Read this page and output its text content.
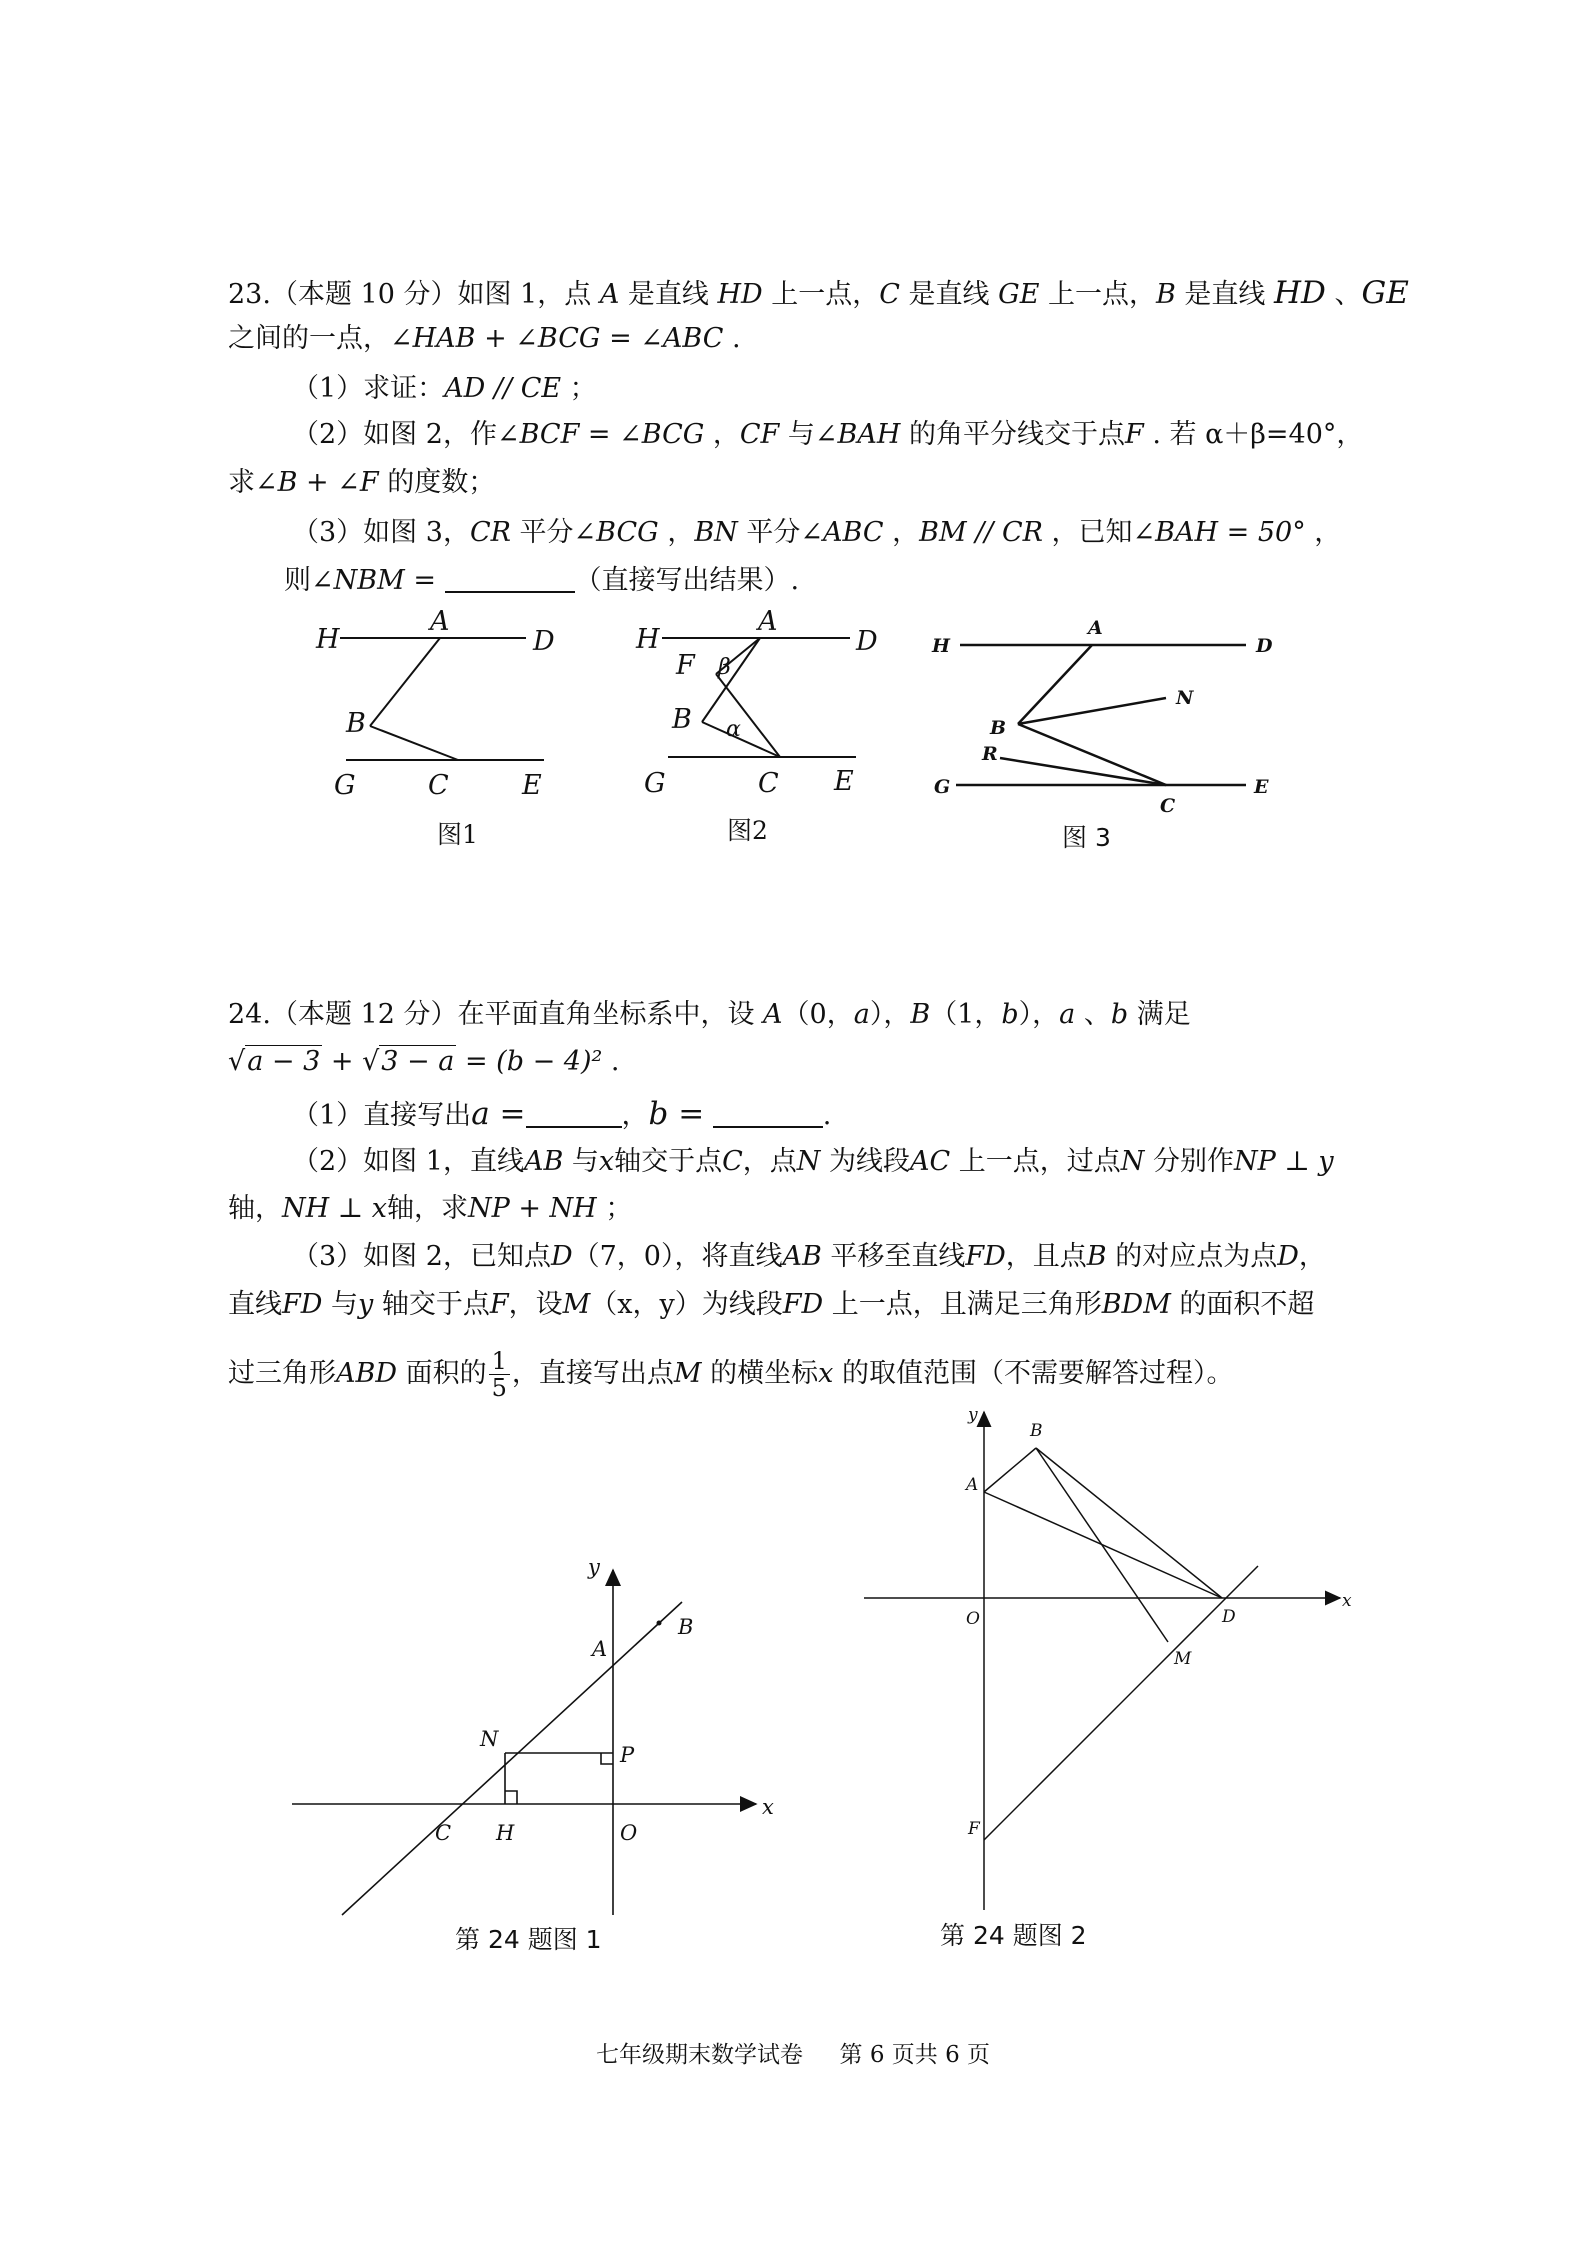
23.（本题 10 分）如图 1，点 A 是直线 HD 上一点，C 是直线 GE 上一点，B 是直线 HD 、GE
之间的一点，∠HAB + ∠BCG = ∠ABC .
（1）求证：AD // CE ；
（2）如图 2，作∠BCF = ∠BCG ，CF 与∠BAH 的角平分线交于点F . 若 α＋β=40°，
求∠B + ∠F 的度数；
（3）如图 3，CR 平分∠BCG ，BN 平分∠ABC ，BM // CR ，已知∠BAH = 50° ，
则∠NBM =	（直接写出结果）.
H
A
D
B
G	C	E
图1
H
A
D
F β
B α
G	C E
图2
H
A
D
N
B
R
G
C
E
图 3
24.（本题 12 分）在平面直角坐标系中，设 A（0，a），B（1，b），a 、b 满足
√a − 3 + √3 − a = (b − 4)² .
（1）直接写出a =	，b =	.
（2）如图 1，直线AB 与x轴交于点C，点N 为线段AC 上一点，过点N 分别作NP ⊥ y
轴，NH ⊥ x轴，求NP + NH ；
（3）如图 2，已知点D（7，0），将直线AB 平移至直线FD，且点B 的对应点为点D，
直线FD 与y 轴交于点F，设M（x，y）为线段FD 上一点，且满足三角形BDM 的面积不超
过三角形ABD 面积的 $\frac{1}{5}$ ，直接写出点M 的横坐标x 的取值范围（不需要解答过程）。
y
x
A
B
N
P
C H	O
第 24 题图 1
y
x
A
B
O	D
M
F
第 24 题图 2
七年级期末数学试卷 第 6 页共 6 页
